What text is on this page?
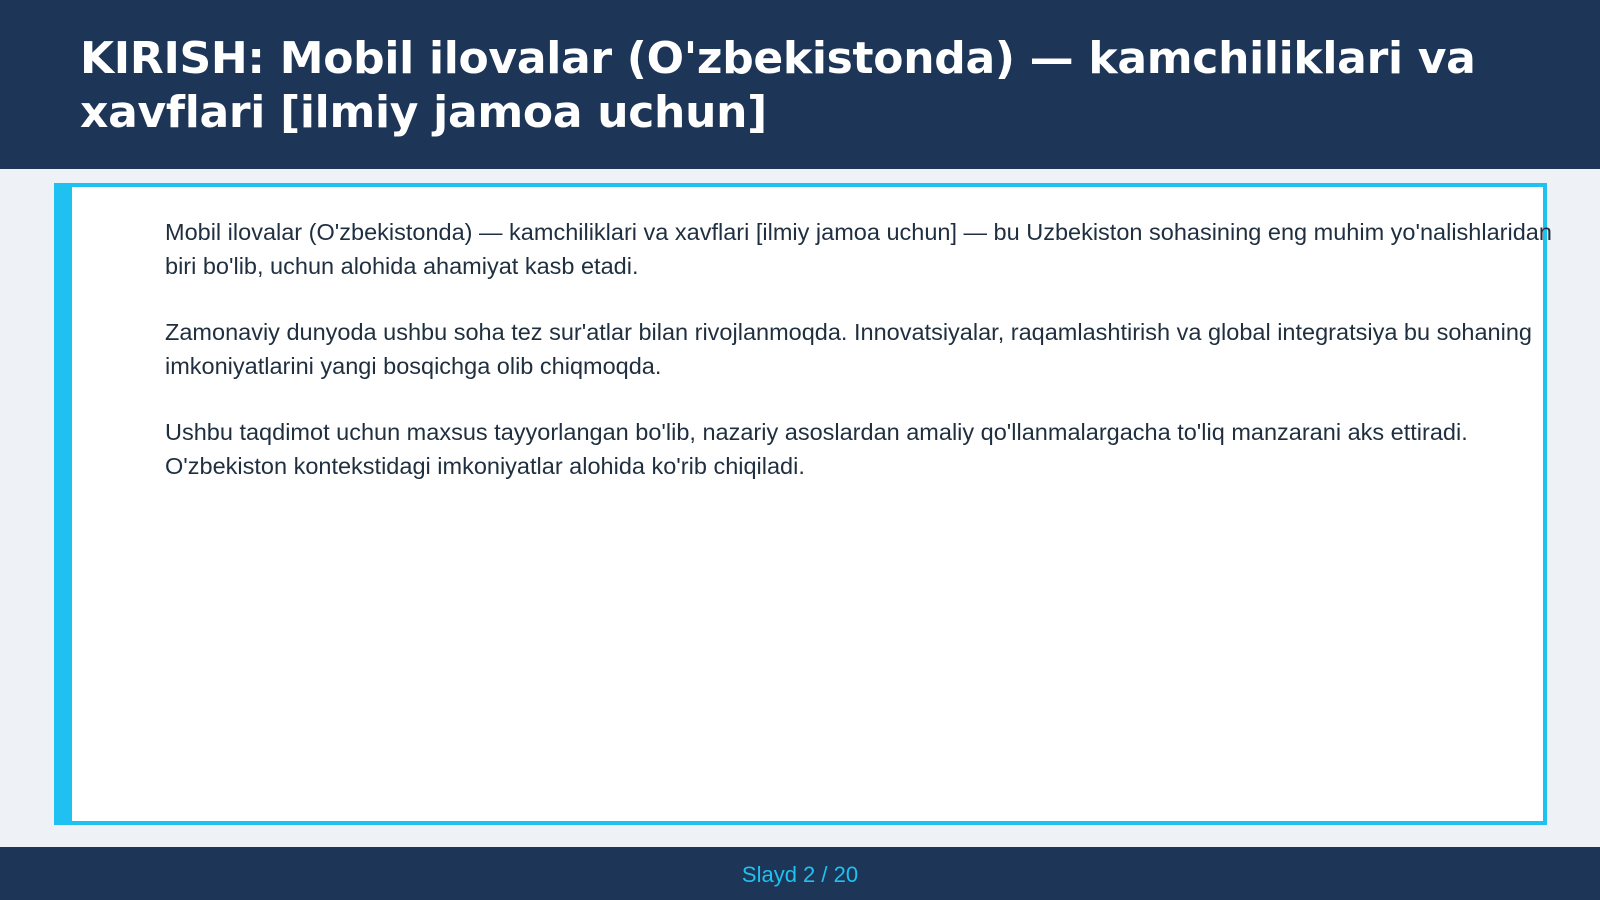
KIRISH: Mobil ilovalar (O'zbekistonda) — kamchiliklari va xavflari [ilmiy jamoa uchun]

Mobil ilovalar (O'zbekistonda) — kamchiliklari va xavflari [ilmiy jamoa uchun] — bu Uzbekiston sohasining eng muhim yo'nalishlaridan biri bo'lib, uchun alohida ahamiyat kasb etadi.

Zamonaviy dunyoda ushbu soha tez sur'atlar bilan rivojlanmoqda. Innovatsiyalar, raqamlashtirish va global integratsiya bu sohaning imkoniyatlarini yangi bosqichga olib chiqmoqda.

Ushbu taqdimot uchun maxsus tayyorlangan bo'lib, nazariy asoslardan amaliy qo'llanmalargacha to'liq manzarani aks ettiradi. O'zbekiston kontekstidagi imkoniyatlar alohida ko'rib chiqiladi.

Slayd 2 / 20
